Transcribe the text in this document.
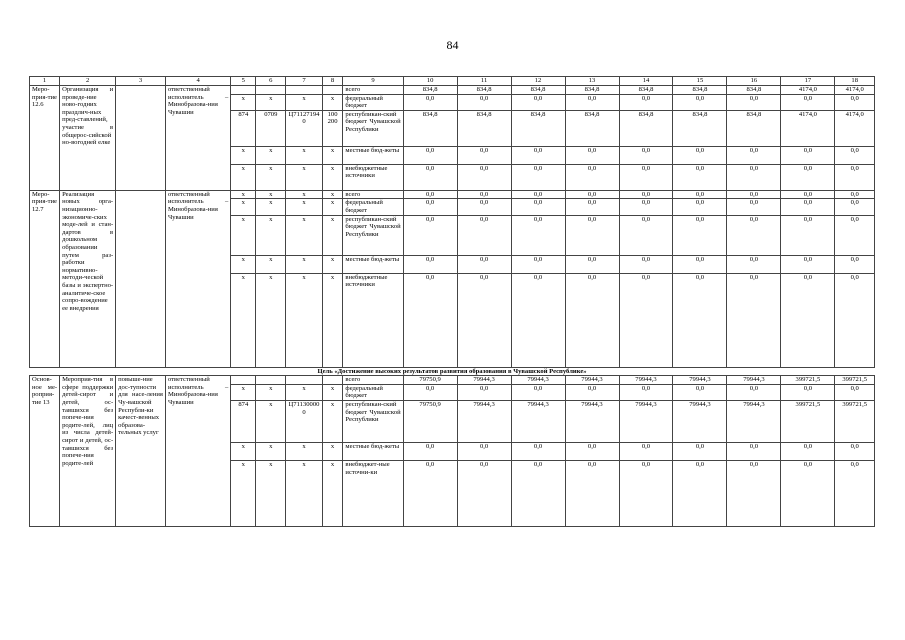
84
1	2	3	4	5	6	7	8	9	10	11	12	13	14	15	16	17	18
Меро-прия-тие 12.6	Организация и проведе-ние ново-годних праздлич-ных пред-ставлений, участие в общерос-сийской но-вогодней елке		ответственный исполнитель – Минобразова-ния Чувашии					всего	834,8	834,8	834,8	834,8	834,8	834,8	834,8	4174,0	4174,0
				x	x	x	x	федеральный бюджет	0,0	0,0	0,0	0,0	0,0	0,0	0,0	0,0	0,0
				874	0709	Ц711271940	100 200	республикан-ский бюджет Чувашской Республики	834,8	834,8	834,8	834,8	834,8	834,8	834,8	4174,0	4174,0
				x	x	x	x	местные бюд-жеты	0,0	0,0	0,0	0,0	0,0	0,0	0,0	0,0	0,0
				x	x	x	x	внебюджетные источники	0,0	0,0	0,0	0,0	0,0	0,0	0,0	0,0	0,0
Меро-прия-тие 12.7	Реализация новых орга-низационно-экономиче-ских моде-лей и стан-дартов в дошкольном образовании путем раз-работки нормативно-методи-ческой базы и экспертно-аналитиче-ское сопро-вождение ее внедрения		ответственный исполнитель – Минобразова-ния Чувашии	x	x	x	x	всего	0,0	0,0	0,0	0,0	0,0	0,0	0,0	0,0	0,0
				x	x	x	x	федеральный бюджет	0,0	0,0	0,0	0,0	0,0	0,0	0,0	0,0	0,0
				x	x	x	x	республикан-ский бюджет Чувашской Республики	0,0	0,0	0,0	0,0	0,0	0,0	0,0	0,0	0,0
				x	x	x	x	местные бюд-жеты	0,0	0,0	0,0	0,0	0,0	0,0	0,0	0,0	0,0
				x	x	x	x	внебюджетные источники	0,0	0,0	0,0	0,0	0,0	0,0	0,0	0,0	0,0
Цель «Достижение высоких результатов развития образования в Чувашской Республике»																	
Основ-ное ме-роприя-тие 13	Мероприя-тия в сфере поддержки детей-сирот и детей, ос-тавшихся без попече-ния родите-лей, лиц из числа детей-сирот и детей, ос-тавшихся без попече-ния родите-лей	повыше-ние дос-тупности для насе-ления Чу-вашской Республи-ки качест-венных образова-тельных услуг	ответственный исполнитель – Минобразова-ния Чувашии					всего	79750,9	79944,3	79944,3	79944,3	79944,3	79944,3	79944,3	399721,5	399721,5
				x	x	x	x	федеральный бюджет	0,0	0,0	0,0	0,0	0,0	0,0	0,0	0,0	0,0
				874	x	Ц711300000	x	республикан-ский бюджет Чувашской Республики	79750,9	79944,3	79944,3	79944,3	79944,3	79944,3	79944,3	399721,5	399721,5
				x	x	x	x	местные бюд-жеты	0,0	0,0	0,0	0,0	0,0	0,0	0,0	0,0	0,0
				x	x	x	x	внебюджет-ные источни-ки	0,0	0,0	0,0	0,0	0,0	0,0	0,0	0,0	0,0
